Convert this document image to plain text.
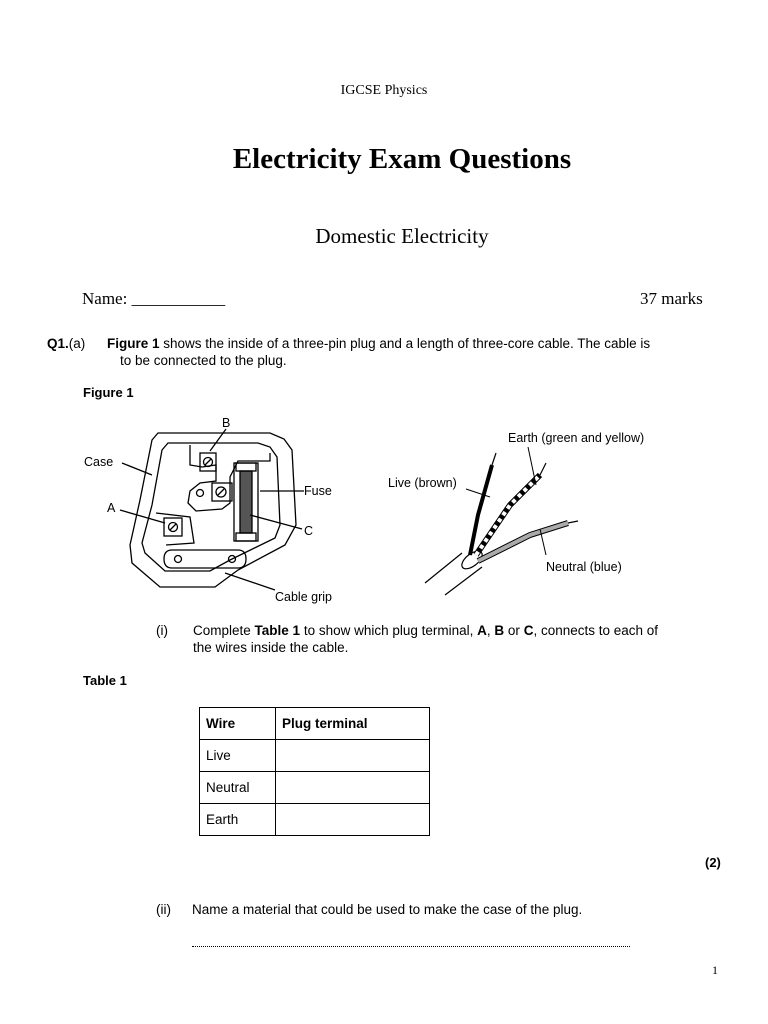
IGCSE Physics
Electricity Exam Questions
Domestic Electricity
Name: ___________	37 marks
Q1.(a) Figure 1 shows the inside of a three-pin plug and a length of three-core cable. The cable is
to be connected to the plug.
Figure 1
Case
B
A
Fuse
C
Cable grip
Earth (green and yellow)
Live (brown)
Neutral (blue)
(i) Complete Table 1 to show which plug terminal, A, B or C, connects to each of
the wires inside the cable.
Table 1
Wire	Plug terminal
Live	
Neutral	
Earth	
(2)
(ii) Name a material that could be used to make the case of the plug.
1
